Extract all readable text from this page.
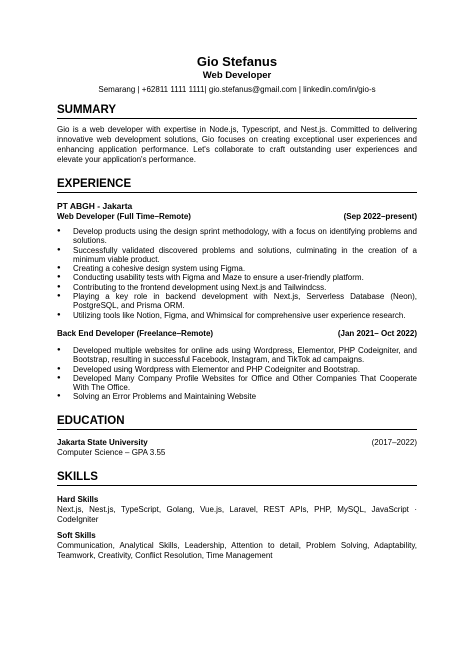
Gio Stefanus
Web Developer
Semarang | +62811 1111 1111| gio.stefanus@gmail.com | linkedin.com/in/gio-s
SUMMARY
Gio is a web developer with expertise in Node.js, Typescript, and Nest.js. Committed to delivering innovative web development solutions, Gio focuses on creating exceptional user experiences and enhancing application performance. Let's collaborate to craft outstanding user experiences and elevate your application's performance.
EXPERIENCE
PT ABGH - Jakarta
Web Developer (Full Time–Remote)	(Sep 2022–present)
● Develop products using the design sprint methodology, with a focus on identifying problems and solutions.
● Successfully validated discovered problems and solutions, culminating in the creation of a minimum viable product.
● Creating a cohesive design system using Figma.
● Conducting usability tests with Figma and Maze to ensure a user-friendly platform.
● Contributing to the frontend development using Next.js and Tailwindcss.
● Playing a key role in backend development with Next.js, Serverless Database (Neon), PostgreSQL, and Prisma ORM.
● Utilizing tools like Notion, Figma, and Whimsical for comprehensive user experience research.
Back End Developer (Freelance–Remote)	(Jan 2021– Oct 2022)
● Developed multiple websites for online ads using Wordpress, Elementor, PHP Codeigniter, and Bootstrap, resulting in successful Facebook, Instagram, and TikTok ad campaigns.
● Developed using Wordpress with Elementor and PHP Codeigniter and Bootstrap.
● Developed Many Company Profile Websites for Office and Other Companies That Cooperate With The Office.
● Solving an Error Problems and Maintaining Website
EDUCATION
Jakarta State University	(2017–2022)
Computer Science – GPA 3.55
SKILLS
Hard Skills
Next.js, Nest.js, TypeScript, Golang, Vue.js, Laravel, REST APIs, PHP, MySQL, JavaScript · CodeIgniter
Soft Skills
Communication, Analytical Skills, Leadership, Attention to detail, Problem Solving, Adaptability, Teamwork, Creativity, Conflict Resolution, Time Management
